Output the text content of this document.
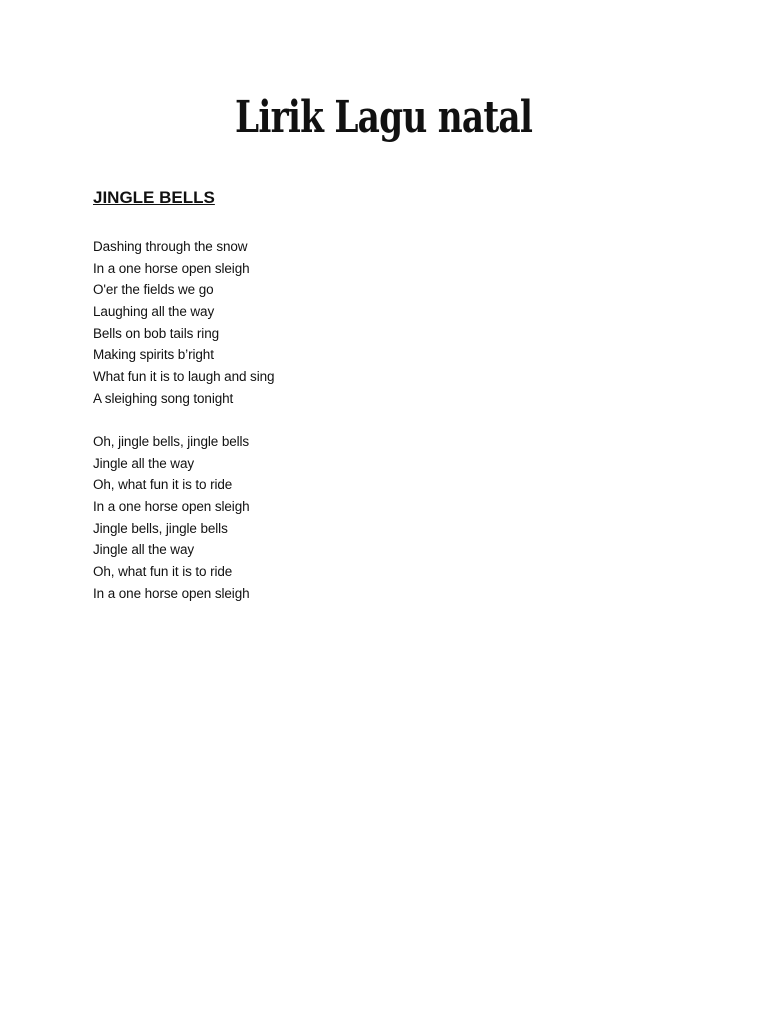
Lirik Lagu natal
JINGLE BELLS
Dashing through the snow
In a one horse open sleigh
O'er the fields we go
Laughing all the way
Bells on bob tails ring
Making spirits b’right
What fun it is to laugh and sing
A sleighing song tonight
Oh, jingle bells, jingle bells
Jingle all the way
Oh, what fun it is to ride
In a one horse open sleigh
Jingle bells, jingle bells
Jingle all the way
Oh, what fun it is to ride
In a one horse open sleigh
